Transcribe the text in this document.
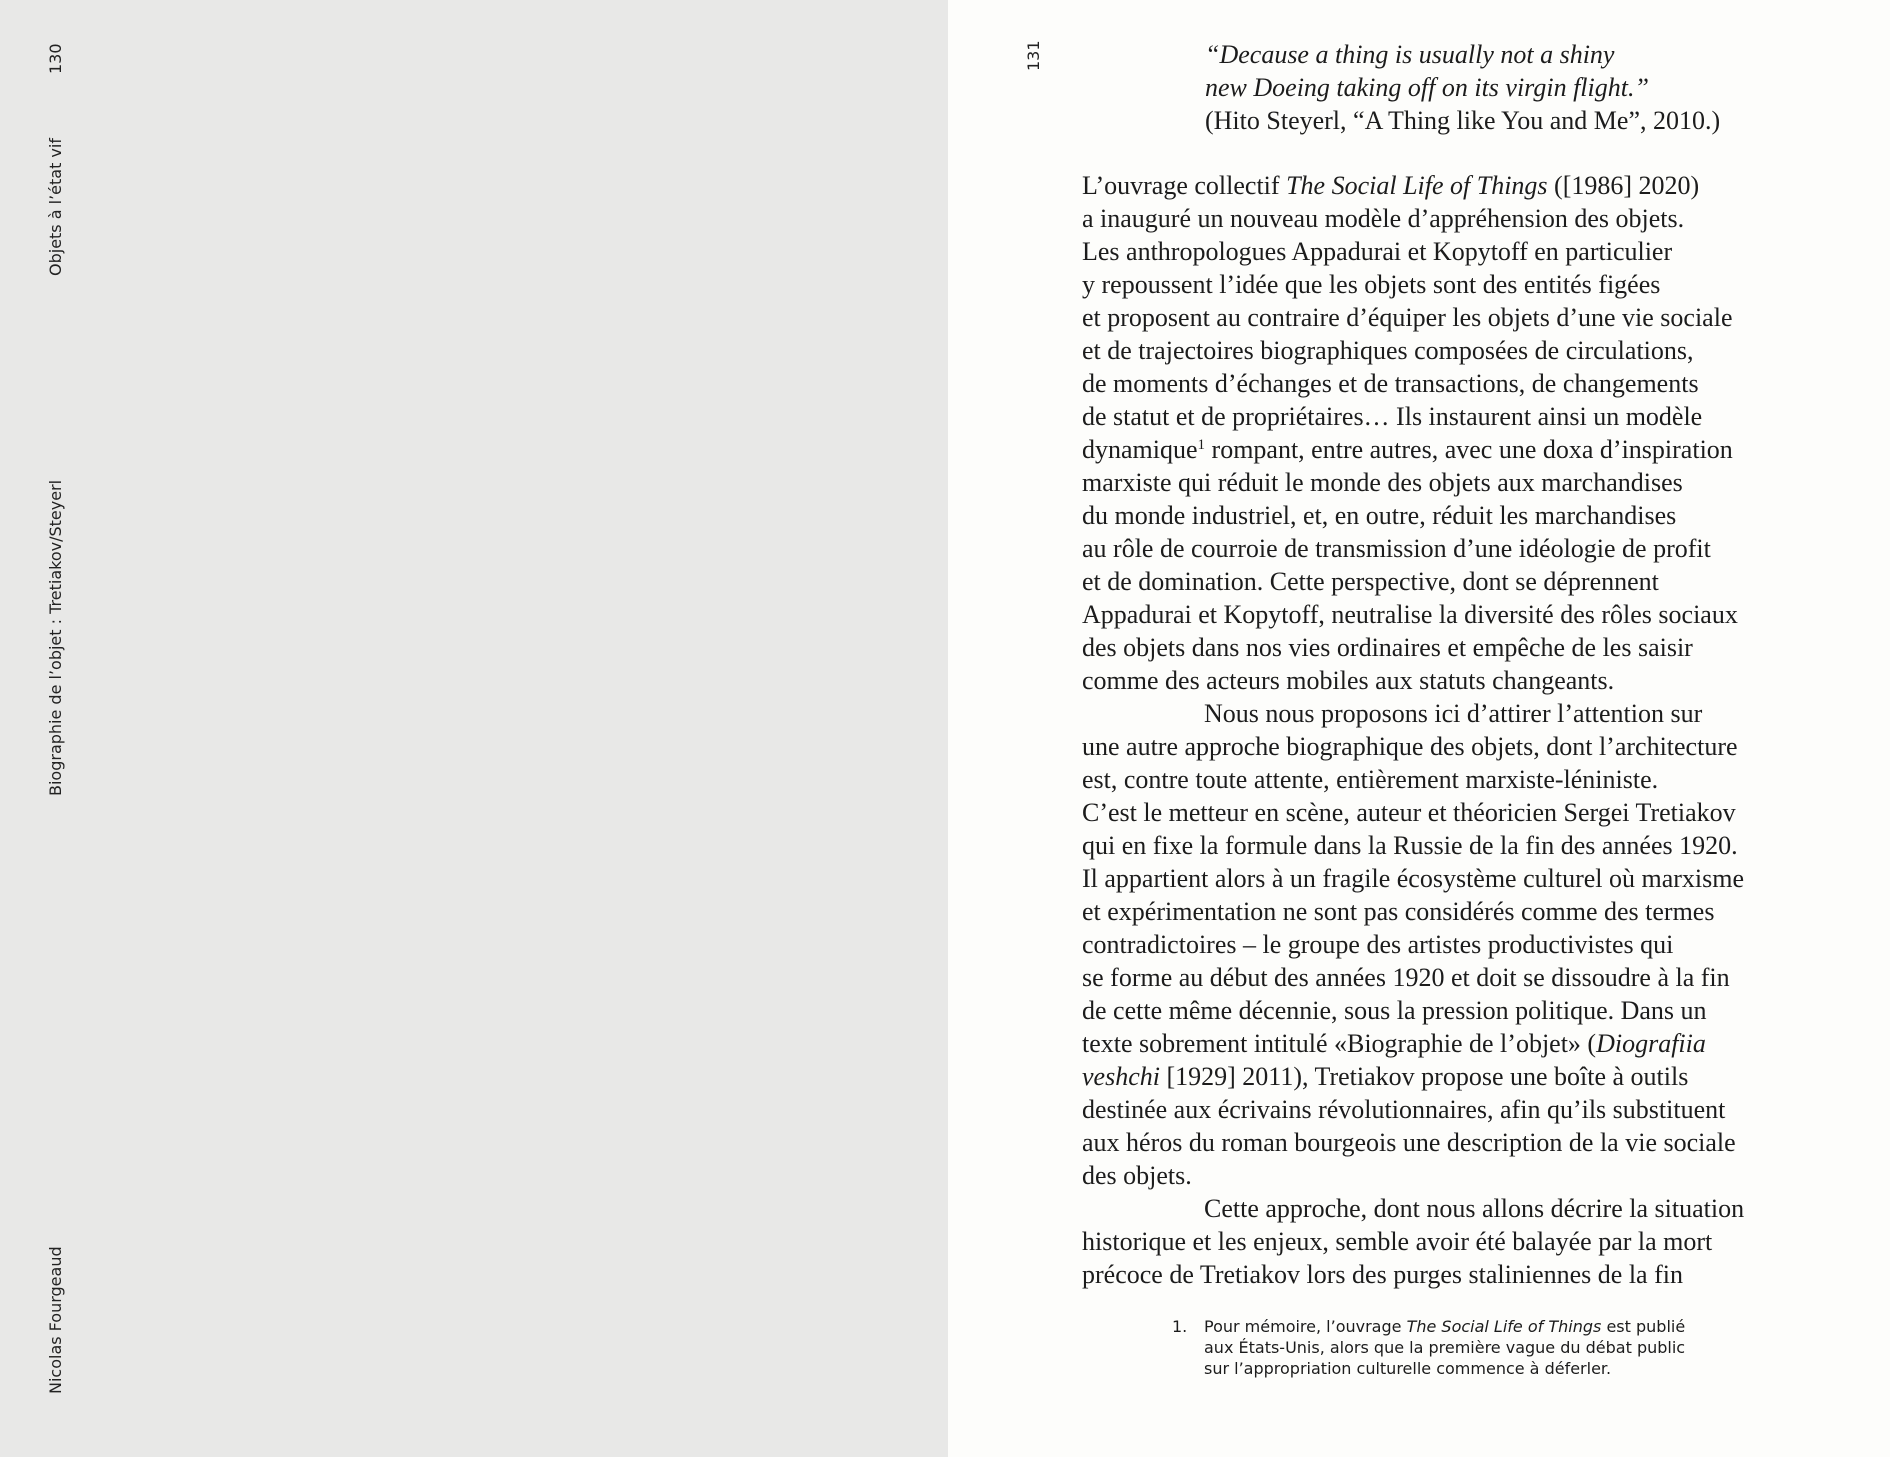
130
Objets à l’état vif
Biographie de l’objet : Tretiakov/Steyerl
Nicolas Fourgeaud
131	“Decause a thing is usually not a shiny
new Doeing taking off on its virgin flight.”
(Hito Steyerl, “A Thing like You and Me”, 2010.)
L’ouvrage collectif The Social Life of Things ([1986] 2020)
a inauguré un nouveau modèle d’appréhension des objets.
Les anthropologues Appadurai et Kopytoff en particulier
y repoussent l’idée que les objets sont des entités figées
et proposent au contraire d’équiper les objets d’une vie sociale
et de trajectoires biographiques composées de circulations,
de moments d’échanges et de transactions, de changements
de statut et de propriétaires… Ils instaurent ainsi un modèle
dynamique$^1$ rompant, entre autres, avec une doxa d’inspiration
marxiste qui réduit le monde des objets aux marchandises
du monde industriel, et, en outre, réduit les marchandises
au rôle de courroie de transmission d’une idéologie de profit
et de domination. Cette perspective, dont se déprennent
Appadurai et Kopytoff, neutralise la diversité des rôles sociaux
des objets dans nos vies ordinaires et empêche de les saisir
comme des acteurs mobiles aux statuts changeants.
Nous nous proposons ici d’attirer l’attention sur
une autre approche biographique des objets, dont l’architecture
est, contre toute attente, entièrement marxiste-léniniste.
C’est le metteur en scène, auteur et théoricien Sergei Tretiakov
qui en fixe la formule dans la Russie de la fin des années 1920.
Il appartient alors à un fragile écosystème culturel où marxisme
et expérimentation ne sont pas considérés comme des termes
contradictoires – le groupe des artistes productivistes qui
se forme au début des années 1920 et doit se dissoudre à la fin
de cette même décennie, sous la pression politique. Dans un
texte sobrement intitulé «Biographie de l’objet» (Diografiia
veshchi [1929] 2011), Tretiakov propose une boîte à outils
destinée aux écrivains révolutionnaires, afin qu’ils substituent
aux héros du roman bourgeois une description de la vie sociale
des objets.
Cette approche, dont nous allons décrire la situation
historique et les enjeux, semble avoir été balayée par la mort
précoce de Tretiakov lors des purges staliniennes de la fin
1. Pour mémoire, l’ouvrage The Social Life of Things est publié
aux États-Unis, alors que la première vague du débat public
sur l’appropriation culturelle commence à déferler.
